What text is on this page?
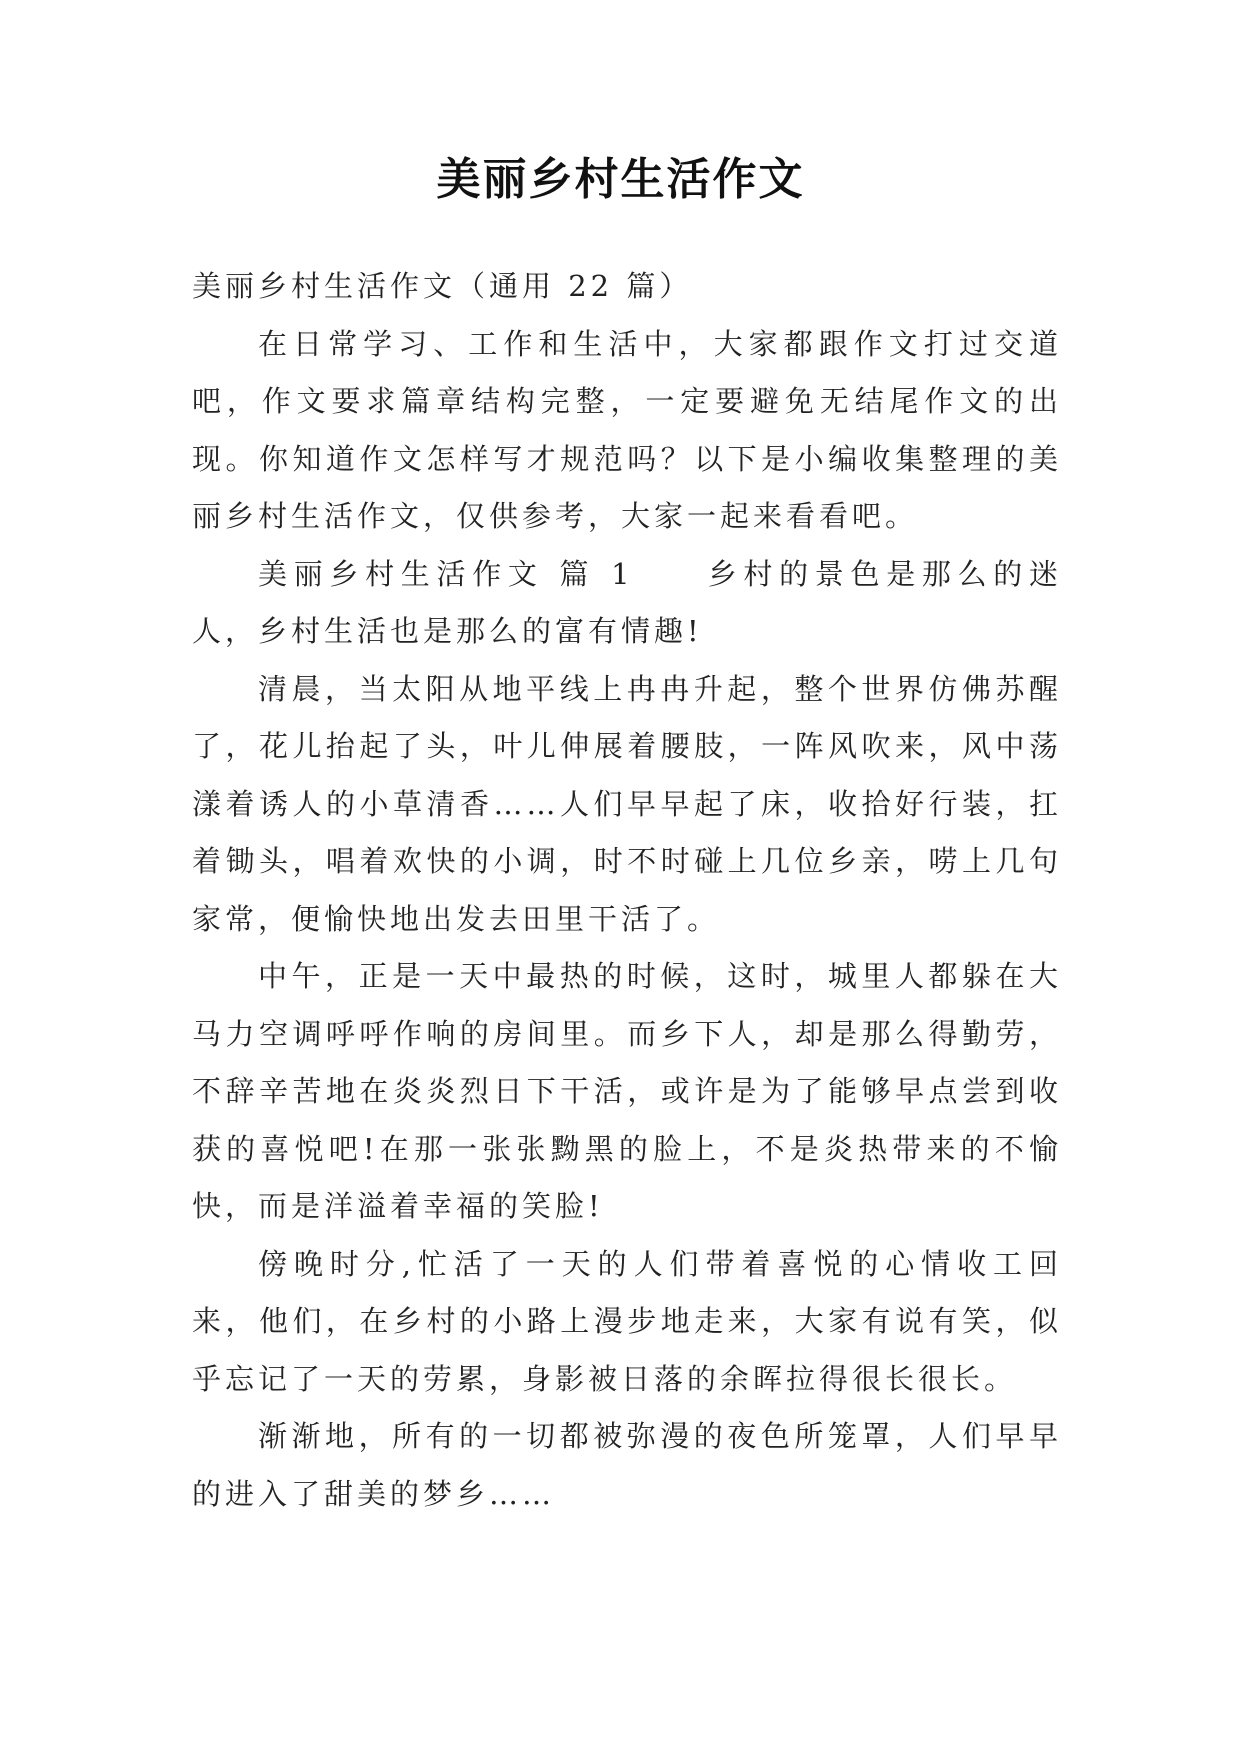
美丽乡村生活作文

美丽乡村生活作文（通用 22 篇）

在日常学习、工作和生活中，大家都跟作文打过交道吧，作文要求篇章结构完整，一定要避免无结尾作文的出现。你知道作文怎样写才规范吗？以下是小编收集整理的美丽乡村生活作文，仅供参考，大家一起来看看吧。

美丽乡村生活作文 篇 1　　乡村的景色是那么的迷人，乡村生活也是那么的富有情趣!

清晨，当太阳从地平线上冉冉升起，整个世界仿佛苏醒了，花儿抬起了头，叶儿伸展着腰肢，一阵风吹来，风中荡漾着诱人的小草清香……人们早早起了床，收拾好行装，扛着锄头，唱着欢快的小调，时不时碰上几位乡亲，唠上几句家常，便愉快地出发去田里干活了。

中午，正是一天中最热的时候，这时，城里人都躲在大马力空调呼呼作响的房间里。而乡下人，却是那么得勤劳，不辞辛苦地在炎炎烈日下干活，或许是为了能够早点尝到收获的喜悦吧!在那一张张黝黑的脸上，不是炎热带来的不愉快，而是洋溢着幸福的笑脸!

傍晚时分,忙活了一天的人们带着喜悦的心情收工回来，他们，在乡村的小路上漫步地走来，大家有说有笑，似乎忘记了一天的劳累，身影被日落的余晖拉得很长很长。

渐渐地，所有的一切都被弥漫的夜色所笼罩，人们早早的进入了甜美的梦乡……
